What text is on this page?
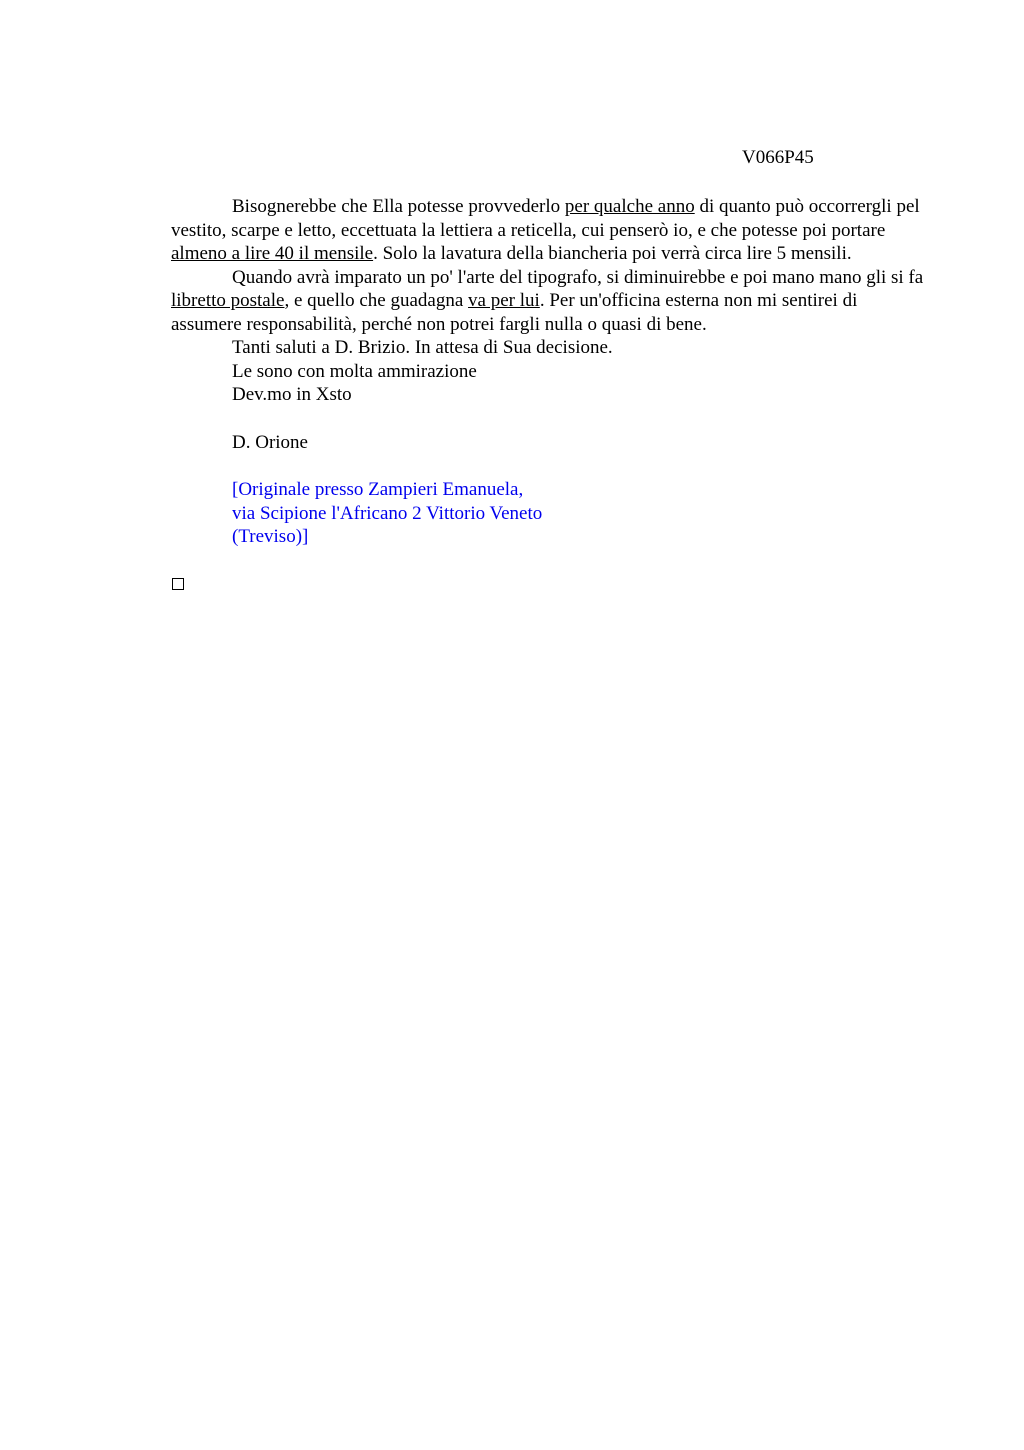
V066P45

Bisognerebbe che Ella potesse provvederlo per qualche anno di quanto può occorrergli pel vestito, scarpe e letto, eccettuata la lettiera a reticella, cui penserò io, e che potesse poi portare almeno a lire 40 il mensile. Solo la lavatura della biancheria poi verrà circa lire 5 mensili.

Quando avrà imparato un po' l'arte del tipografo, si diminuirebbe e poi mano mano gli si fa libretto postale, e quello che guadagna va per lui. Per un'officina esterna non mi sentirei di assumere responsabilità, perché non potrei fargli nulla o quasi di bene.

Tanti saluti a D. Brizio. In attesa di Sua decisione.

Le sono con molta ammirazione

Dev.mo in Xsto

D. Orione

[Originale presso Zampieri Emanuela,
via Scipione l'Africano 2 Vittorio Veneto
(Treviso)]
